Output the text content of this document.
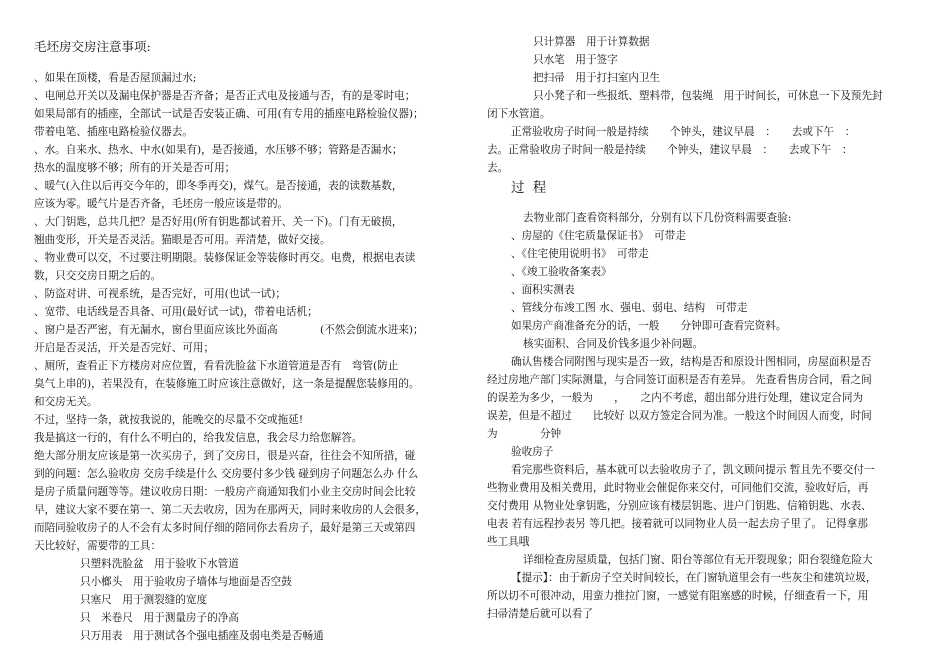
毛坯房交房注意事项:
、如果在顶楼，看是否屋顶漏过水;
、电闸总开关以及漏电保护器是否齐备；是否正式电及接通与否，有的是零时电；
如果局部有的插座，全部试一试是否安装正确、可用(有专用的插座电路检验仪器)；
带着电笔、插座电路检验仪器去。
、水。自来水、热水、中水(如果有)，是否接通，水压够不够；管路是否漏水；
热水的温度够不够；所有的开关是否可用；
、暖气(入住以后再交今年的，即冬季再交)，煤气。是否接通，表的读数基数，
应该为零。暖气片是否齐备，毛坯房一般应该是带的。
、大门钥匙，总共几把？是否好用(所有钥匙都试着开、关一下)。门有无破损，
翘曲变形，开关是否灵活。猫眼是否可用。弄清楚，做好交接。
、物业费可以交，不过要注明期限。装修保证金等装修时再交。电费，根据电表读
数，只交交房日期之后的。
、防盗对讲、可视系统，是否完好，可用(也试一试)；
、宽带、电话线是否具备、可用(最好试一试)，带着电话机；
、窗户是否严密，有无漏水，窗台里面应该比外面高　　　　(不然会倒流水进来)；
开启是否灵活，开关是否完好、可用；
、厕所，查看正下方楼房对应位置，看看洗脸盆下水道管道是否有　弯管(防止
臭气上串的)，若果没有，在装修施工时应该注意做好，这一条是提醒您装修用的。
和交房无关。
不过，坚持一条，就按我说的，能晚交的尽量不交或拖延!
我是搞这一行的，有什么不明白的，给我发信息，我会尽力给您解答。
绝大部分朋友应该是第一次买房子，到了交房日，很是兴奋，往往会不知所措，碰
到的问题：怎么验收房 交房手续是什么 交房要付多少钱 碰到房子问题怎么办 什么
是房子质量问题等等。建议收房日期：一般房产商通知我们小业主交房时间会比较
早，建议大家不要在第一、第二天去收房，因为在那两天，同时来收房的人会很多，
而陪同验收房子的人不会有太多时间仔细的陪同你去看房子，最好是第三天或第四
天比较好，需要带的工具：
只塑料洗脸盆　用于验收下水管道
只小榔头　用于验收房子墙体与地面是否空鼓
只塞尺　用于测裂缝的宽度
只　米卷尺　用于测量房子的净高
只万用表　用于测试各个强电插座及弱电类是否畅通
只计算器　用于计算数据
只水笔　用于签字
把扫帚　用于打扫室内卫生
只小凳子和一些报纸、塑料带，包装绳　用于时间长，可休息一下及预先封
闭下水管道。
正常验收房子时间一般是持续　　个钟头，建议早晨　：　　去或下午　：
去。正常验收房子时间一般是持续　　个钟头，建议早晨　：　　去或下午　：
去。
过 程
去物业部门查看资料部分，分别有以下几份资料需要查验:
、房屋的《住宅质量保证书》　可带走
、《住宅使用说明书》　可带走
、《竣工验收备案表》
、面积实测表
、管线分布竣工图 水、强电、弱电、结构　可带走
如果房产商准备充分的话，一般　　分钟即可查看完资料。
核实面积、合同及价钱多退少补问题。
确认售楼合同附图与现实是否一致，结构是否和原设计图相同，房屋面积是否
经过房地产部门实际测量，与合同签订面积是否有差异。 先查看售房合同，看之间
的误差为多少，一般为　　，　　之内不考虑，超出部分进行处理，建议定合同为
误差，但是不超过　　比较好 以双方签定合同为准。一般这个时间因人而变，时间
为　　　　分钟
验收房子
看完那些资料后，基本就可以去验收房子了，凯文顾问提示 暂且先不要交付一
些物业费用及相关费用，此时物业会催促你来交付，可同他们交流，验收好后，再
交付费用 从物业处拿钥匙，分别应该有楼层钥匙、进户门钥匙、信箱钥匙、水表、
电表 若有远程抄表另 等几把。接着就可以同物业人员一起去房子里了。 记得拿那
些工具哦
详细检查房屋质量，包括门窗、阳台等部位有无开裂现象；阳台裂缝危险大
【提示】：由于新房子空关时间较长，在门窗轨道里会有一些灰尘和建筑垃圾，
所以切不可很冲动，用蛮力推拉门窗，一感觉有阻塞感的时候，仔细查看一下，用
扫帚清楚后就可以看了
